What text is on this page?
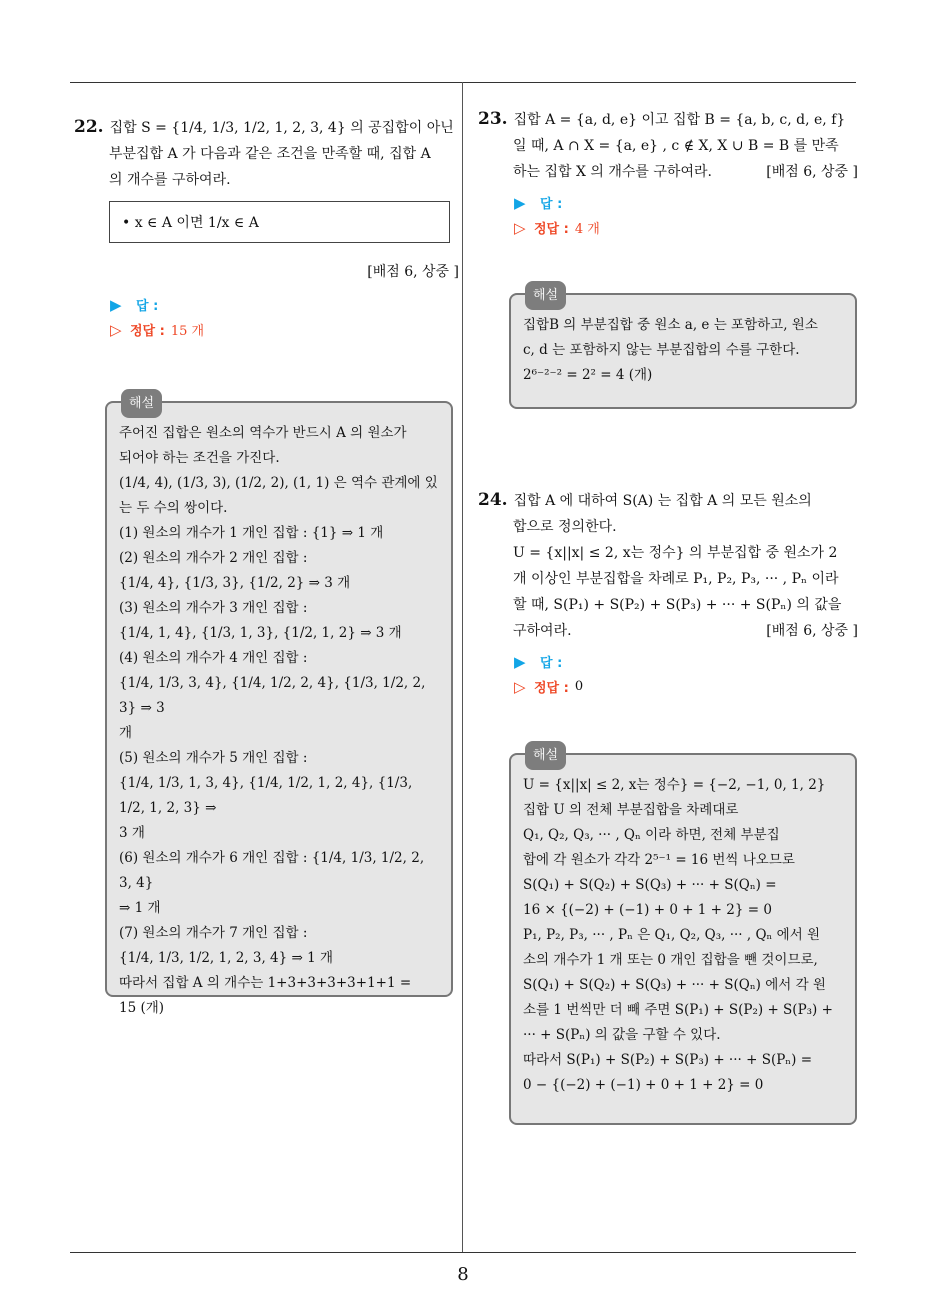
22. 집합 S = {1/4, 1/3, 1/2, 1, 2, 3, 4} 의 공집합이 아닌
부분집합 A 가 다음과 같은 조건을 만족할 때, 집합 A
의 개수를 구하여라.
• x ∈ A 이면 1/x ∈ A
[배점 6, 상중 ]
▶	답 :
▷ 정답 : 15 개
해설

주어진 집합은 원소의 역수가 반드시 A 의 원소가

되어야 하는 조건을 가진다.

(1/4, 4), (1/3, 3), (1/2, 2), (1, 1) 은 역수 관계에 있

는 두 수의 쌍이다.

(1) 원소의 개수가 1 개인 집합 : {1} ⇒ 1 개

(2) 원소의 개수가 2 개인 집합 :

{1/4, 4}, {1/3, 3}, {1/2, 2} ⇒ 3 개

(3) 원소의 개수가 3 개인 집합 :

{1/4, 1, 4}, {1/3, 1, 3}, {1/2, 1, 2} ⇒ 3 개

(4) 원소의 개수가 4 개인 집합 :

{1/4, 1/3, 3, 4}, {1/4, 1/2, 2, 4}, {1/3, 1/2, 2, 3} ⇒ 3

개

(5) 원소의 개수가 5 개인 집합 :

{1/4, 1/3, 1, 3, 4}, {1/4, 1/2, 1, 2, 4}, {1/3, 1/2, 1, 2, 3} ⇒

3 개

(6) 원소의 개수가 6 개인 집합 : {1/4, 1/3, 1/2, 2, 3, 4}

⇒ 1 개

(7) 원소의 개수가 7 개인 집합 :

{1/4, 1/3, 1/2, 1, 2, 3, 4} ⇒ 1 개

따라서 집합 A 의 개수는 1+3+3+3+3+1+1 =

15 (개)

23. 집합 A = {a, d, e} 이고 집합 B = {a, b, c, d, e, f}
일 때, A ∩ X = {a, e} , c ∉ X, X ∪ B = B 를 만족
하는 집합 X 의 개수를 구하여라.	[배점 6, 상중 ]
▶	답 :
▷ 정답 : 4 개
해설

집합B 의 부분집합 중 원소 a, e 는 포함하고, 원소

c, d 는 포함하지 않는 부분집합의 수를 구한다.

2⁶⁻²⁻² = 2² = 4 (개)

24. 집합 A 에 대하여 S(A) 는 집합 A 의 모든 원소의
합으로 정의한다.
U = {x||x| ≤ 2, x는 정수} 의 부분집합 중 원소가 2
개 이상인 부분집합을 차례로 P₁, P₂, P₃, ··· , Pₙ 이라
할 때, S(P₁) + S(P₂) + S(P₃) + ··· + S(Pₙ) 의 값을
구하여라.	[배점 6, 상중 ]
▶	답 :
▷ 정답 : 0
해설

U = {x||x| ≤ 2, x는 정수} = {−2, −1, 0, 1, 2}

집합 U 의 전체 부분집합을 차례대로

Q₁, Q₂, Q₃, ··· , Qₙ 이라 하면, 전체 부분집

합에 각 원소가 각각 2⁵⁻¹ = 16 번씩 나오므로

S(Q₁) + S(Q₂) + S(Q₃) + ··· + S(Qₙ) =

16 × {(−2) + (−1) + 0 + 1 + 2} = 0

P₁, P₂, P₃, ··· , Pₙ 은 Q₁, Q₂, Q₃, ··· , Qₙ 에서 원

소의 개수가 1 개 또는 0 개인 집합을 뺀 것이므로,

S(Q₁) + S(Q₂) + S(Q₃) + ··· + S(Qₙ) 에서 각 원

소를 1 번씩만 더 빼 주면 S(P₁) + S(P₂) + S(P₃) +

··· + S(Pₙ) 의 값을 구할 수 있다.

따라서 S(P₁) + S(P₂) + S(P₃) + ··· + S(Pₙ) =

0 − {(−2) + (−1) + 0 + 1 + 2} = 0

8
